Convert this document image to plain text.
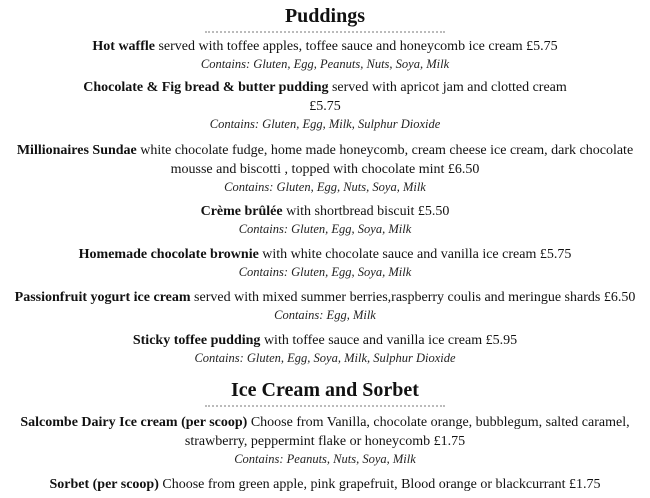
Puddings
Hot waffle served with toffee apples, toffee sauce and honeycomb ice cream £5.75
Contains: Gluten, Egg, Peanuts, Nuts, Soya, Milk
Chocolate & Fig bread & butter pudding served with apricot jam and clotted cream
£5.75
Contains: Gluten, Egg, Milk, Sulphur Dioxide
Millionaires Sundae white chocolate fudge, home made honeycomb, cream cheese ice cream, dark chocolate
mousse and biscotti , topped with chocolate mint £6.50
Contains: Gluten, Egg, Nuts, Soya, Milk
Crème brûlée with shortbread biscuit £5.50
Contains: Gluten, Egg, Soya, Milk
Homemade chocolate brownie with white chocolate sauce and vanilla ice cream £5.75
Contains: Gluten, Egg, Soya, Milk
Passionfruit yogurt ice cream served with mixed summer berries,raspberry coulis and meringue shards £6.50
Contains: Egg, Milk
Sticky toffee pudding with toffee sauce and vanilla ice cream £5.95
Contains: Gluten, Egg, Soya, Milk, Sulphur Dioxide
Ice Cream and Sorbet
Salcombe Dairy Ice cream (per scoop) Choose from Vanilla, chocolate orange, bubblegum, salted caramel,
strawberry, peppermint flake or honeycomb £1.75
Contains: Peanuts, Nuts, Soya, Milk
Sorbet (per scoop) Choose from green apple, pink grapefruit, Blood orange or blackcurrant £1.75
